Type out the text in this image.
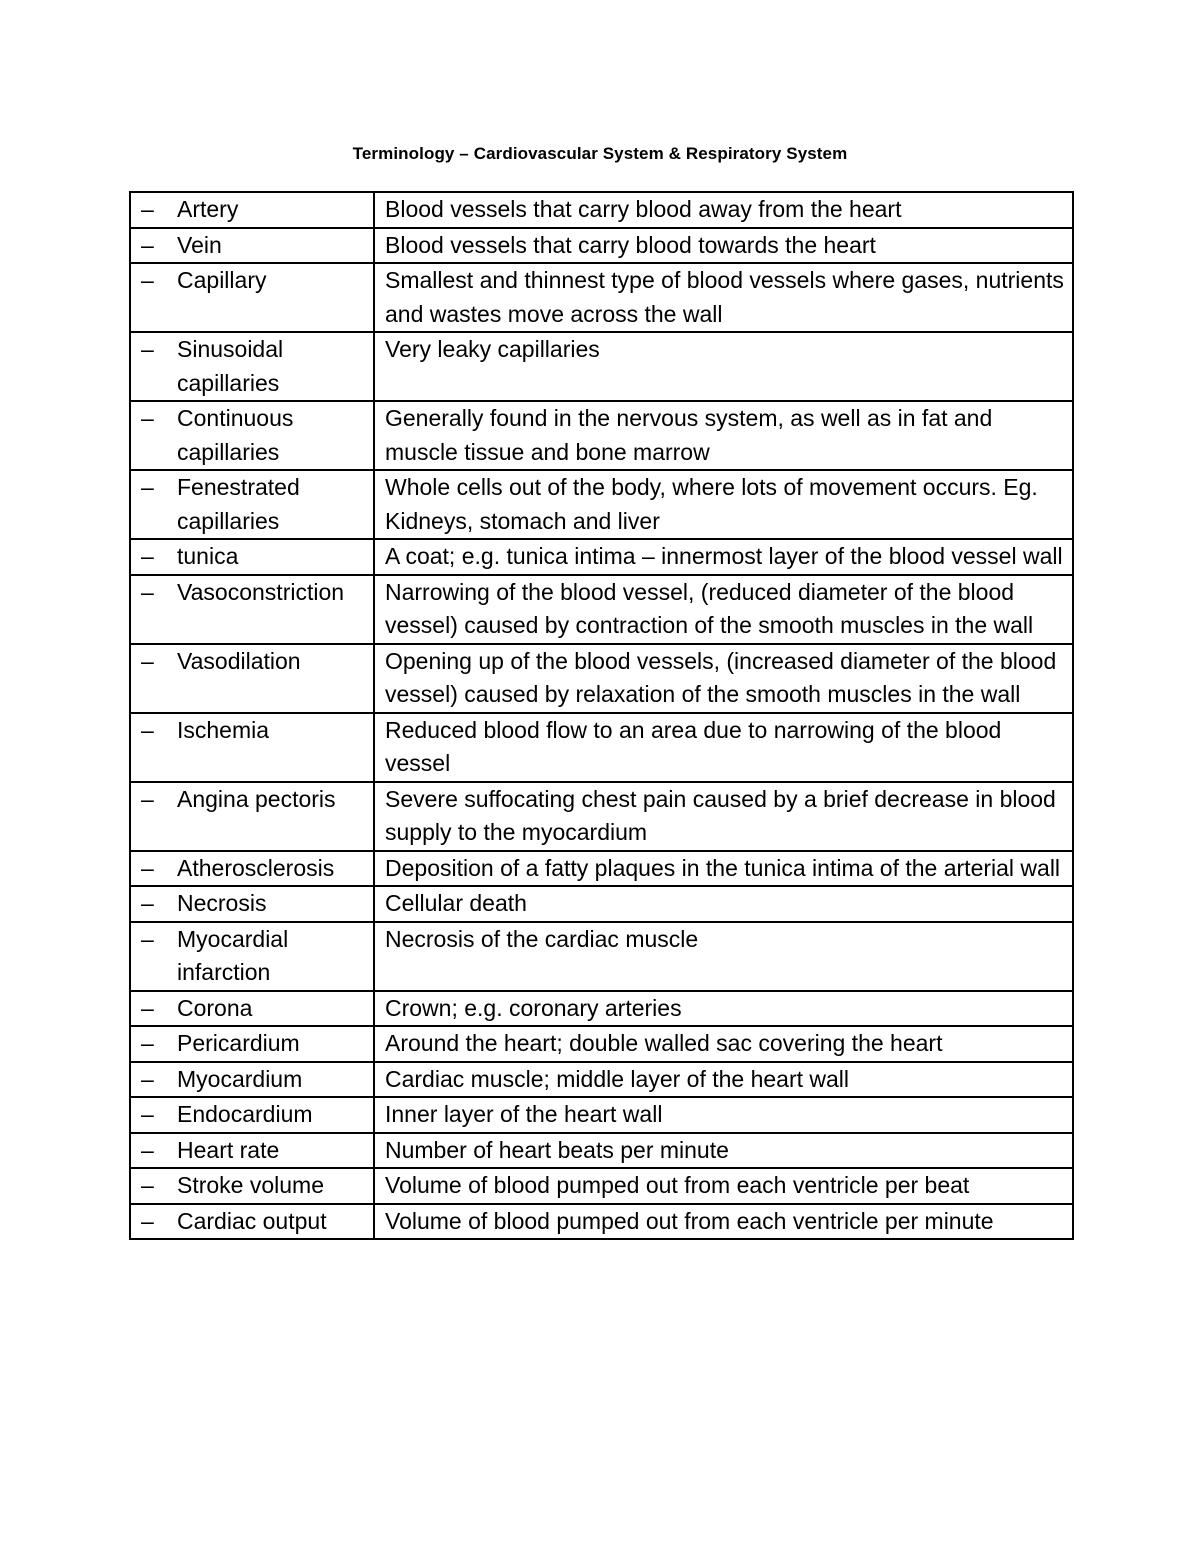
Terminology – Cardiovascular System & Respiratory System
– Artery	Blood vessels that carry blood away from the heart

– Vein	Blood vessels that carry blood towards the heart

– Capillary	Smallest and thinnest type of blood vessels where gases, nutrients and wastes move across the wall

– Sinusoidal capillaries	Very leaky capillaries

– Continuous capillaries	Generally found in the nervous system, as well as in fat and muscle tissue and bone marrow

– Fenestrated capillaries	Whole cells out of the body, where lots of movement occurs. Eg. Kidneys, stomach and liver

– tunica	A coat; e.g. tunica intima – innermost layer of the blood vessel wall

– Vasoconstriction	Narrowing of the blood vessel, (reduced diameter of the blood vessel) caused by contraction of the smooth muscles in the wall

– Vasodilation	Opening up of the blood vessels, (increased diameter of the blood vessel) caused by relaxation of the smooth muscles in the wall

– Ischemia	Reduced blood flow to an area due to narrowing of the blood vessel

– Angina pectoris	Severe suffocating chest pain caused by a brief decrease in blood supply to the myocardium

– Atherosclerosis	Deposition of a fatty plaques in the tunica intima of the arterial wall

– Necrosis	Cellular death

– Myocardial infarction	Necrosis of the cardiac muscle

– Corona	Crown; e.g. coronary arteries

– Pericardium	Around the heart; double walled sac covering the heart

– Myocardium	Cardiac muscle; middle layer of the heart wall

– Endocardium	Inner layer of the heart wall

– Heart rate	Number of heart beats per minute

– Stroke volume	Volume of blood pumped out from each ventricle per beat

– Cardiac output	Volume of blood pumped out from each ventricle per minute
